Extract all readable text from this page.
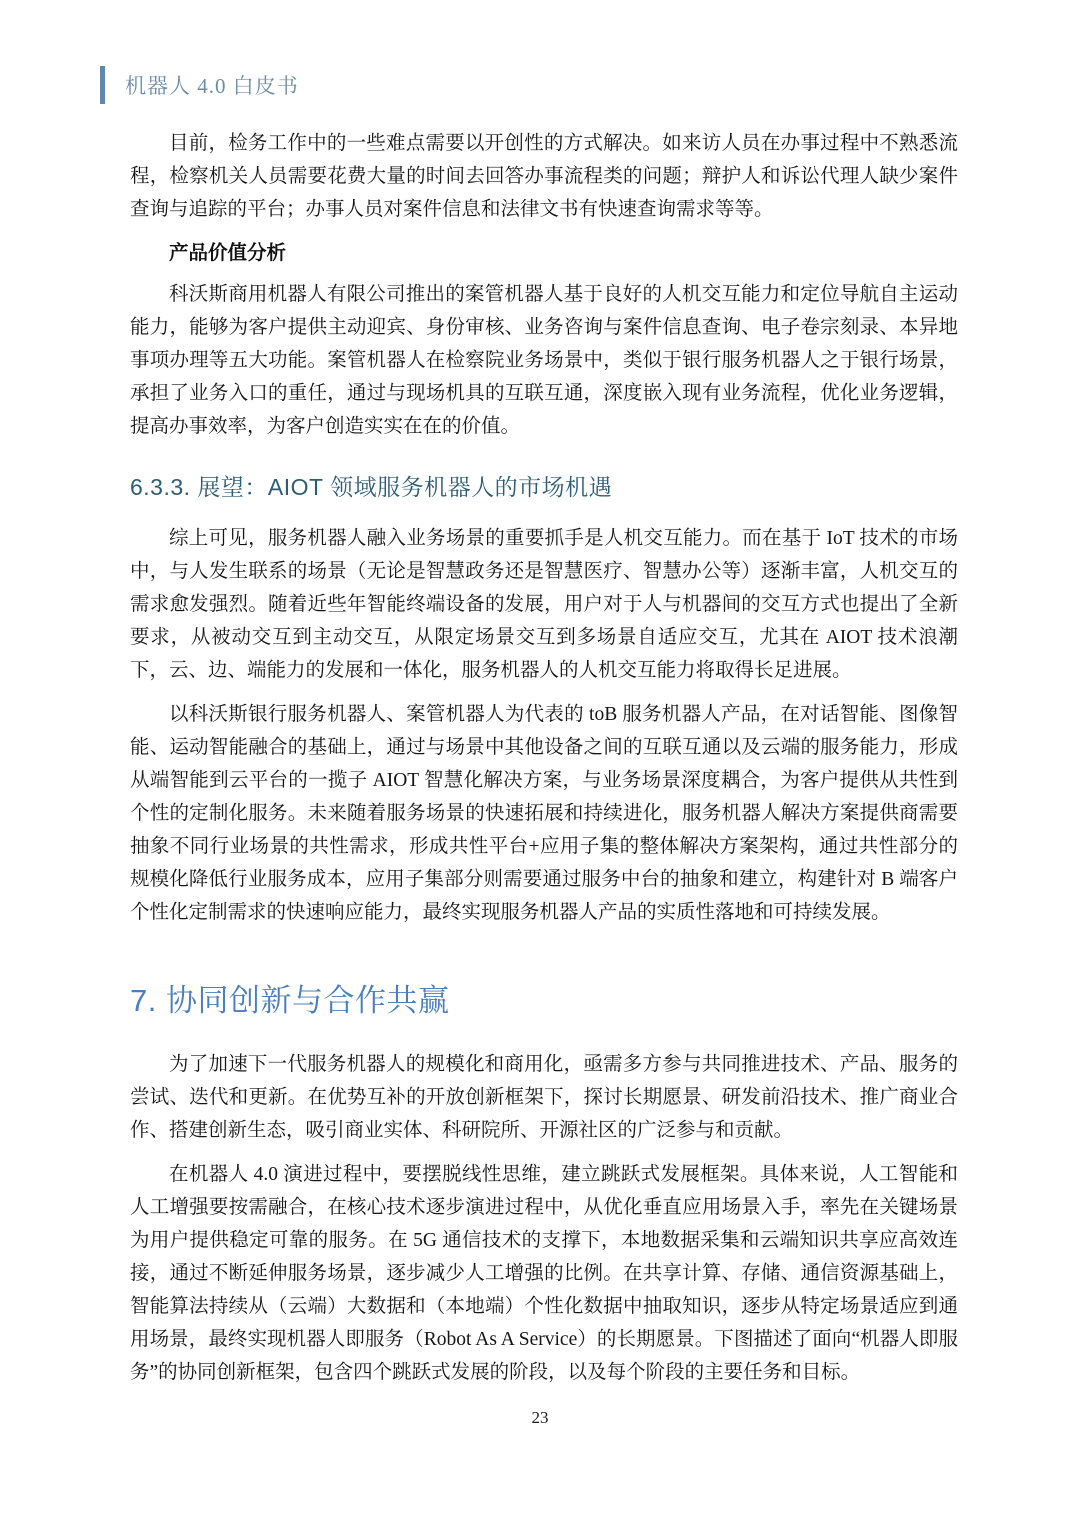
机器人 4.0 白皮书

目前，检务工作中的一些难点需要以开创性的方式解决。如来访人员在办事过程中不熟悉流程，检察机关人员需要花费大量的时间去回答办事流程类的问题；辩护人和诉讼代理人缺少案件查询与追踪的平台；办事人员对案件信息和法律文书有快速查询需求等等。

产品价值分析

科沃斯商用机器人有限公司推出的案管机器人基于良好的人机交互能力和定位导航自主运动能力，能够为客户提供主动迎宾、身份审核、业务咨询与案件信息查询、电子卷宗刻录、本异地事项办理等五大功能。案管机器人在检察院业务场景中，类似于银行服务机器人之于银行场景，承担了业务入口的重任，通过与现场机具的互联互通，深度嵌入现有业务流程，优化业务逻辑，提高办事效率，为客户创造实实在在的价值。

6.3.3. 展望：AIOT 领域服务机器人的市场机遇

综上可见，服务机器人融入业务场景的重要抓手是人机交互能力。而在基于 IoT 技术的市场中，与人发生联系的场景（无论是智慧政务还是智慧医疗、智慧办公等）逐渐丰富，人机交互的需求愈发强烈。随着近些年智能终端设备的发展，用户对于人与机器间的交互方式也提出了全新要求，从被动交互到主动交互，从限定场景交互到多场景自适应交互，尤其在 AIOT 技术浪潮下，云、边、端能力的发展和一体化，服务机器人的人机交互能力将取得长足进展。

以科沃斯银行服务机器人、案管机器人为代表的 toB 服务机器人产品，在对话智能、图像智能、运动智能融合的基础上，通过与场景中其他设备之间的互联互通以及云端的服务能力，形成从端智能到云平台的一揽子 AIOT 智慧化解决方案，与业务场景深度耦合，为客户提供从共性到个性的定制化服务。未来随着服务场景的快速拓展和持续进化，服务机器人解决方案提供商需要抽象不同行业场景的共性需求，形成共性平台+应用子集的整体解决方案架构，通过共性部分的规模化降低行业服务成本，应用子集部分则需要通过服务中台的抽象和建立，构建针对 B 端客户个性化定制需求的快速响应能力，最终实现服务机器人产品的实质性落地和可持续发展。

7. 协同创新与合作共赢

为了加速下一代服务机器人的规模化和商用化，亟需多方参与共同推进技术、产品、服务的尝试、迭代和更新。在优势互补的开放创新框架下，探讨长期愿景、研发前沿技术、推广商业合作、搭建创新生态，吸引商业实体、科研院所、开源社区的广泛参与和贡献。

在机器人 4.0 演进过程中，要摆脱线性思维，建立跳跃式发展框架。具体来说，人工智能和人工增强要按需融合，在核心技术逐步演进过程中，从优化垂直应用场景入手，率先在关键场景为用户提供稳定可靠的服务。在 5G 通信技术的支撑下，本地数据采集和云端知识共享应高效连接，通过不断延伸服务场景，逐步减少人工增强的比例。在共享计算、存储、通信资源基础上，智能算法持续从（云端）大数据和（本地端）个性化数据中抽取知识，逐步从特定场景适应到通用场景，最终实现机器人即服务（Robot As A Service）的长期愿景。下图描述了面向“机器人即服务”的协同创新框架，包含四个跳跃式发展的阶段，以及每个阶段的主要任务和目标。

23
